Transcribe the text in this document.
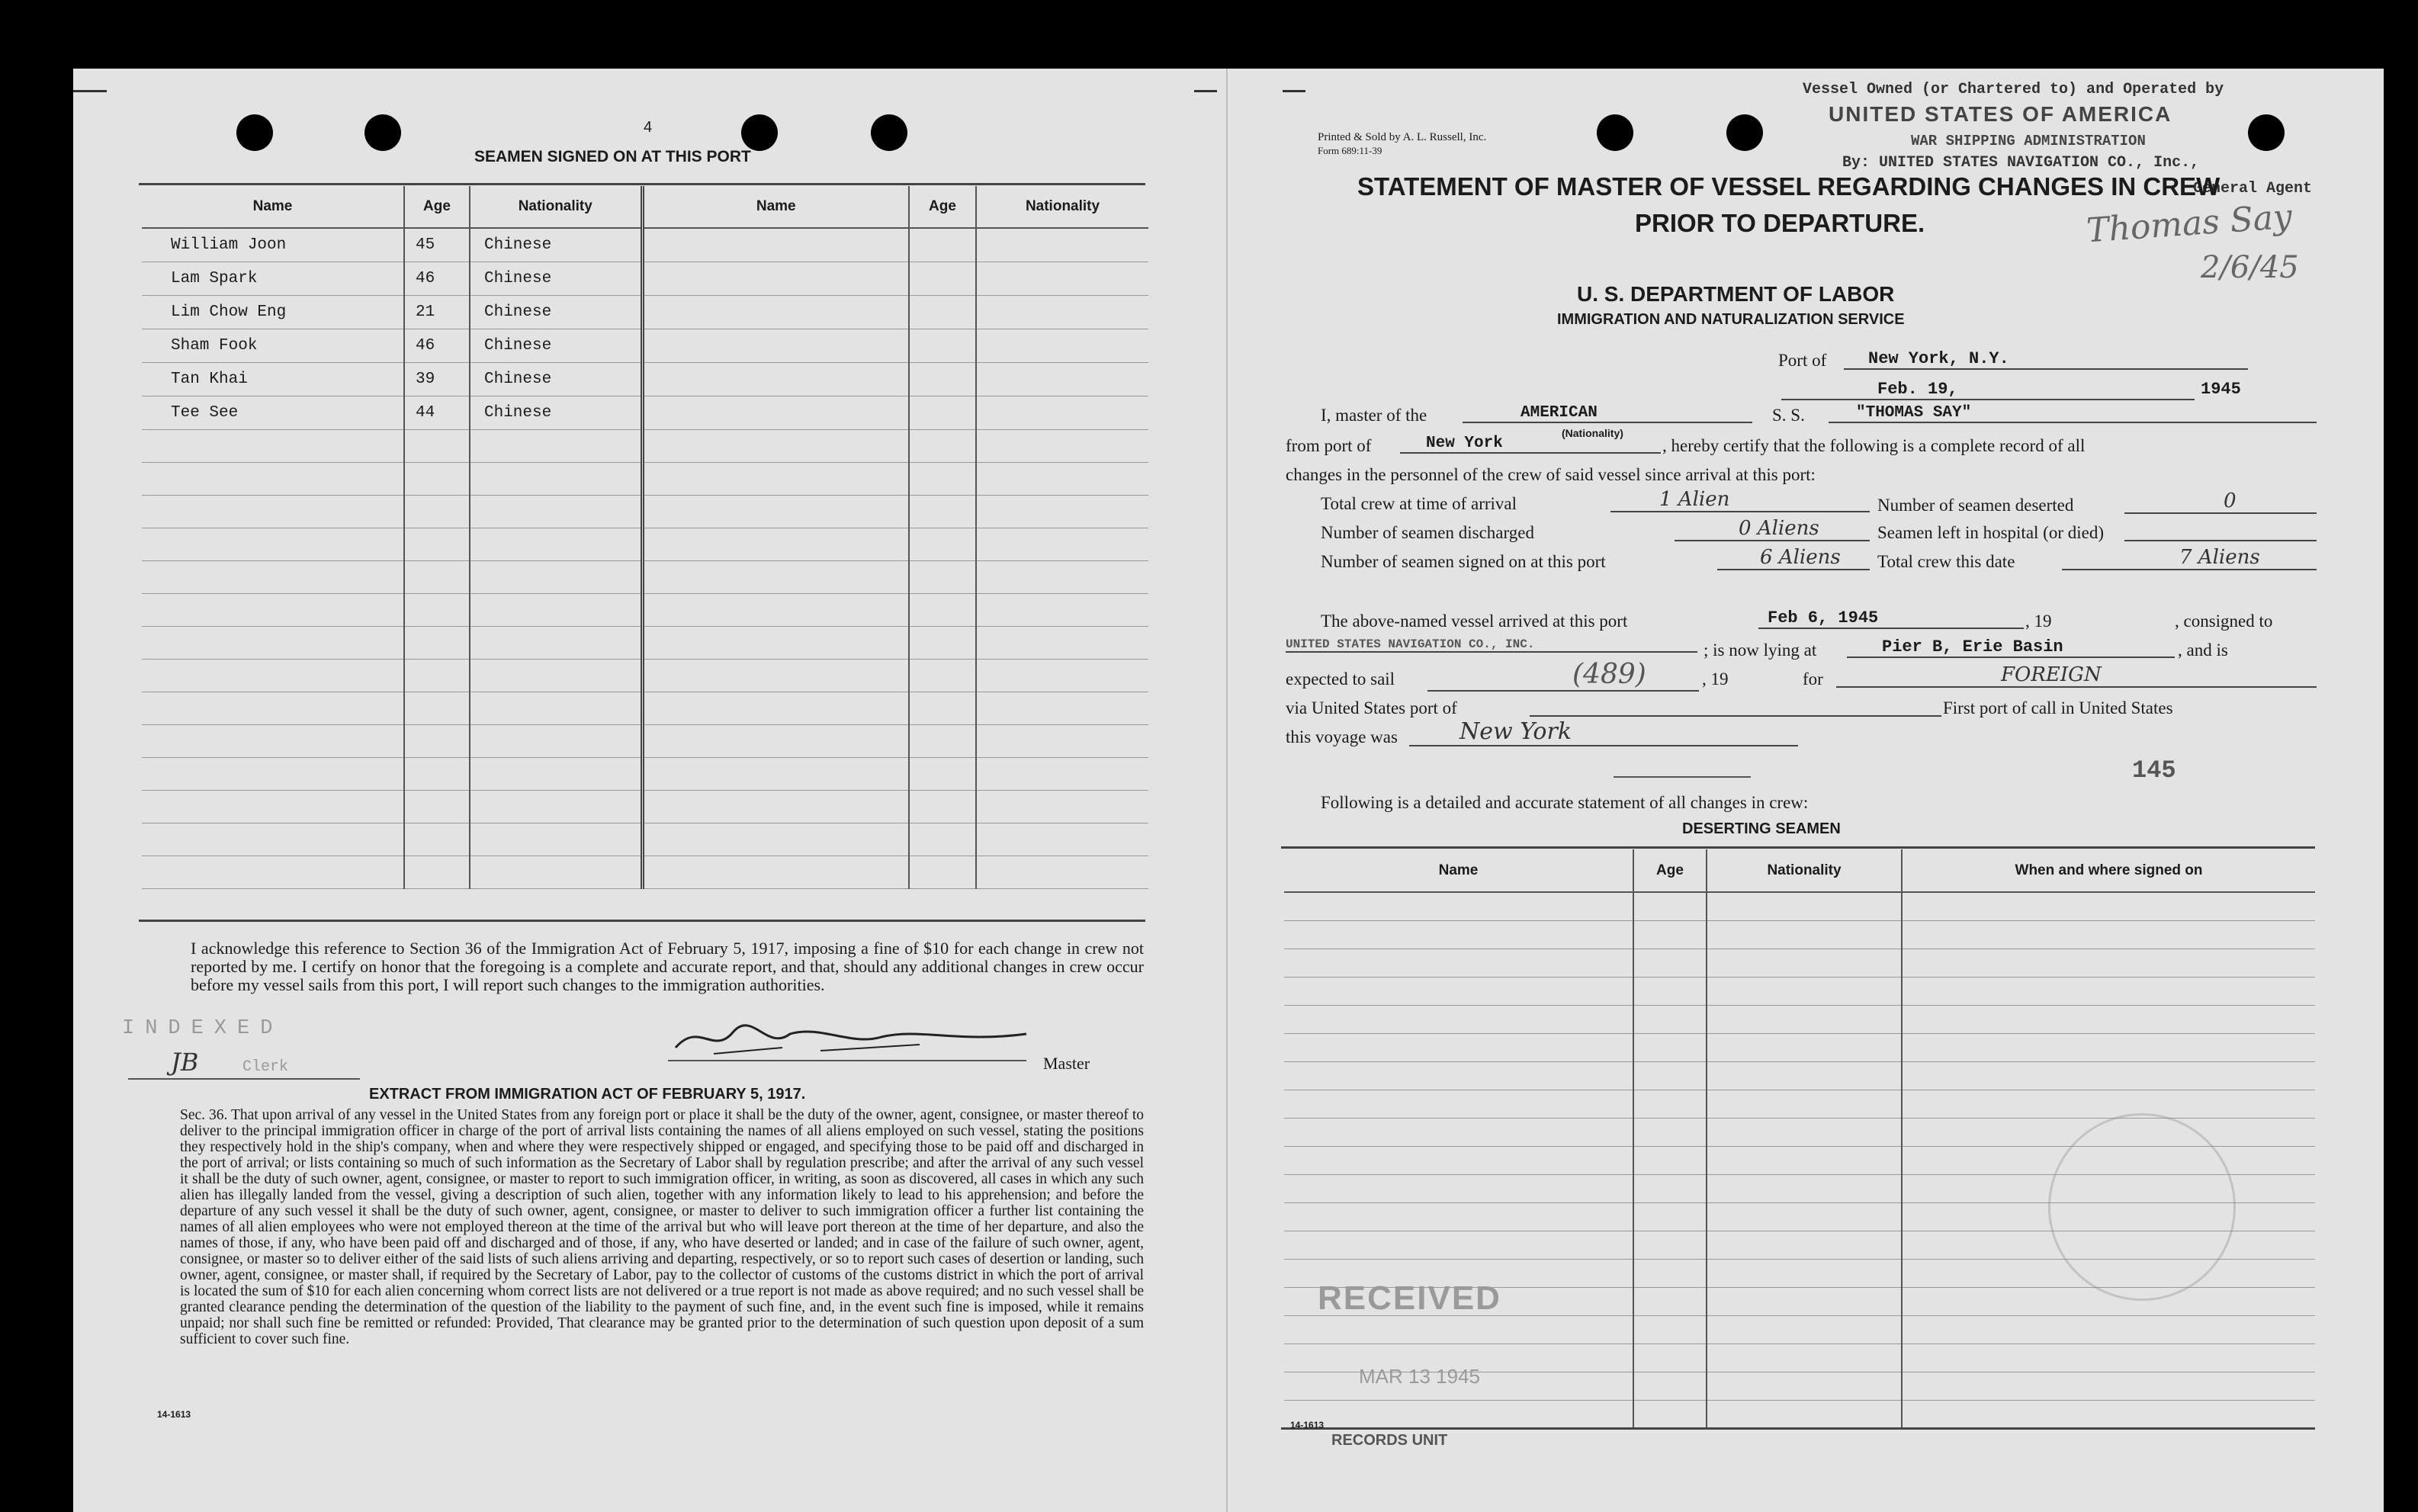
4
SEAMEN SIGNED ON AT THIS PORT
Name	Age	Nationality	Name	Age	Nationality
William Joon	45	Chinese			
Lam Spark	46	Chinese			
Lim Chow Eng	21	Chinese			
Sham Fook	46	Chinese			
Tan Khai	39	Chinese			
Tee See	44	Chinese			

I acknowledge this reference to Section 36 of the Immigration Act of February 5, 1917, imposing a fine of $10 for each change in crew not reported by me. I certify on honor that the foregoing is a complete and accurate report, and that, should any additional changes in crew occur before my vessel sails from this port, I will report such changes to the immigration authorities.
INDEXED
JB	Clerk	Master
EXTRACT FROM IMMIGRATION ACT OF FEBRUARY 5, 1917.
Sec. 36. That upon arrival of any vessel in the United States from any foreign port or place it shall be the duty of the owner, agent, consignee, or master thereof to deliver to the principal immigration officer in charge of the port of arrival lists containing the names of all aliens employed on such vessel, stating the positions they respectively hold in the ship's company, when and where they were respectively shipped or engaged, and specifying those to be paid off and discharged in the port of arrival; or lists containing so much of such information as the Secretary of Labor shall by regulation prescribe; and after the arrival of any such vessel it shall be the duty of such owner, agent, consignee, or master to report to such immigration officer, in writing, as soon as discovered, all cases in which any such alien has illegally landed from the vessel, giving a description of such alien, together with any information likely to lead to his apprehension; and before the departure of any such vessel it shall be the duty of such owner, agent, consignee, or master to deliver to such immigration officer a further list containing the names of all alien employees who were not employed thereon at the time of the arrival but who will leave port thereon at the time of her departure, and also the names of those, if any, who have been paid off and discharged and of those, if any, who have deserted or landed; and in case of the failure of such owner, agent, consignee, or master so to deliver either of the said lists of such aliens arriving and departing, respectively, or so to report such cases of desertion or landing, such owner, agent, consignee, or master shall, if required by the Secretary of Labor, pay to the collector of customs of the customs district in which the port of arrival is located the sum of $10 for each alien concerning whom correct lists are not delivered or a true report is not made as above required; and no such vessel shall be granted clearance pending the determination of the question of the liability to the payment of such fine, and, in the event such fine is imposed, while it remains unpaid; nor shall such fine be remitted or refunded: Provided, That clearance may be granted prior to the determination of such question upon deposit of a sum sufficient to cover such fine.
14-1613
Printed & Sold by A. L. Russell, Inc.
Form 689:11-39
Vessel Owned (or Chartered to) and Operated by
UNITED STATES OF AMERICA
WAR SHIPPING ADMINISTRATION
By: UNITED STATES NAVIGATION CO., Inc.,
General Agent
Thomas Say
2/6/45
STATEMENT OF MASTER OF VESSEL REGARDING CHANGES IN CREW
PRIOR TO DEPARTURE.
U. S. DEPARTMENT OF LABOR
IMMIGRATION AND NATURALIZATION SERVICE
Port of	New York, N.Y.
Feb. 19,	1945
I, master of the	AMERICAN
(Nationality)
S. S.	"THOMAS SAY"
from port of	New York	, hereby certify that the following is a complete record of all
changes in the personnel of the crew of said vessel since arrival at this port:
Total crew at time of arrival	1 Alien	Number of seamen deserted	0
Number of seamen discharged	0 Aliens	Seamen left in hospital (or died)
Number of seamen signed on at this port	6 Aliens	Total crew this date	7 Aliens
The above-named vessel arrived at this port	Feb 6, 1945	, 19	, consigned to
UNITED STATES NAVIGATION CO., INC.	; is now lying at	Pier B, Erie Basin	, and is
expected to sail	(489)	, 19	for	FOREIGN
via United States port of	First port of call in United States
this voyage was	New York
145
Following is a detailed and accurate statement of all changes in crew:
DESERTING SEAMEN
Name	Age	Nationality	When and where signed on

RECEIVED
MAR 13 1945
14-1613
RECORDS UNIT
